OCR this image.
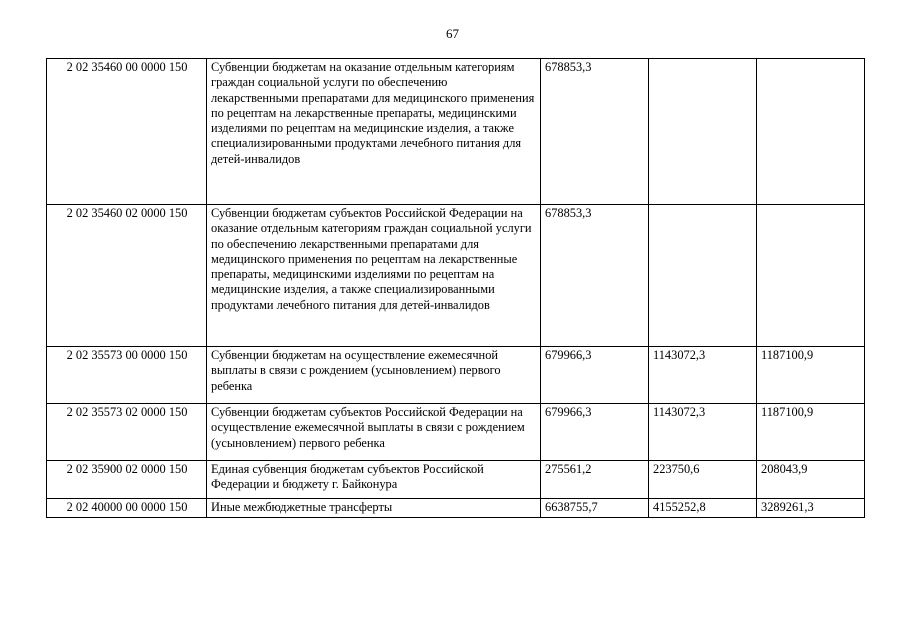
67
2 02 35460 00 0000 150	Субвенции бюджетам на оказание отдельным категориям граждан социальной услуги по обеспечению лекарственными препаратами для медицинского применения по рецептам на лекарственные препараты, медицинскими изделиями по рецептам на медицинские изделия, а также специализированными продуктами лечебного питания для детей-инвалидов	678853,3		
2 02 35460 02 0000 150	Субвенции бюджетам субъектов Российской Федерации на оказание отдельным категориям граждан социальной услуги по обеспечению лекарственными препаратами для медицинского применения по рецептам на лекарственные препараты, медицинскими изделиями по рецептам на медицинские изделия, а также специализированными продуктами лечебного питания для детей-инвалидов	678853,3		
2 02 35573 00 0000 150	Субвенции бюджетам на осуществление ежемесячной выплаты в связи с рождением (усыновлением) первого ребенка	679966,3	1143072,3	1187100,9
2 02 35573 02 0000 150	Субвенции бюджетам субъектов Российской Федерации на осуществление ежемесячной выплаты в связи с рождением (усыновлением) первого ребенка	679966,3	1143072,3	1187100,9
2 02 35900 02 0000 150	Единая субвенция бюджетам субъектов Российской Федерации и бюджету г. Байконура	275561,2	223750,6	208043,9
2 02 40000 00 0000 150	Иные межбюджетные трансферты	6638755,7	4155252,8	3289261,3
